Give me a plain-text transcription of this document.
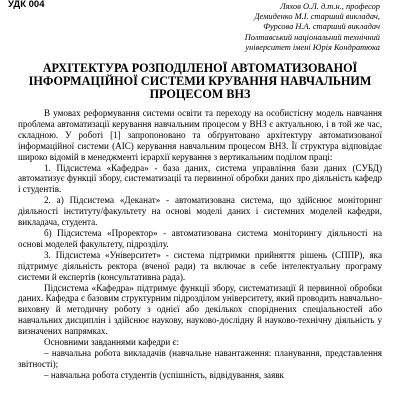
УДК 004	Ляхов О.Л. д.т.н., професор
Демиденко М.І. старший викладач,
Фурсова Н.А. старший викладач
Полтавський національний технічний
університет імені Юрія Кондратюка
АРХІТЕКТУРА РОЗПОДІЛЕНОЇ АВТОМАТИЗОВАНОЇ ІНФОРМАЦІЙНОЇ СИСТЕМИ КРУВАННЯ НАВЧАЛЬНИМ ПРОЦЕСОМ ВНЗ

В умовах реформування системи освіти та переходу на особистісну модель навчання проблема автоматизації керування навчальним процесом у ВНЗ є актуальною, і в той же час, складною. У роботі [1] запропоновано та обґрунтовано архітектуру автоматизованої інформаційної системи (АІС) керування навчальним процесом ВНЗ. Її структура відповідає широко відомій в менеджменті ієрархії керування з вертикальним поділом праці:

1. Підсистема «Кафедра» - база даних, система управління бази даних (СУБД) автоматизує функції збору, систематизації та первинної обробки даних про діяльність кафедр і студентів.

2. а) Підсистема «Деканат» - автоматизована система, що здійснює моніторинг діяльності інституту/факультету на основі моделі даних і системних моделей кафедри, викладача, студента.

б) Підсистема «Проректор» - автоматизована система моніторингу діяльності на основі моделей факультету, підрозділу.

3. Підсистема «Університет» - система підтримки прийняття рішень (СППР), яка підтримує діяльність ректора (вченої ради) та включає в себе інтелектуальну програму системи й експертів (консультативна рада).

Підсистема «Кафедра» підтримує функції збору, систематизації й первинної обробки даних. Кафедра є базовим структурним підрозділом університету, який проводить навчально-виховну й методичну роботу з однієї або декількох споріднених спеціальностей або навчальних дисциплін і здійснює наукову, науково-дослідну й науково-технічну діяльність у визначених напрямках.

Основними завданнями кафедри є:

– навчальна робота викладачів (навчальне навантаження: планування, представлення звітності);

– навчальна робота студентів (успішність, відвідування, заявк
